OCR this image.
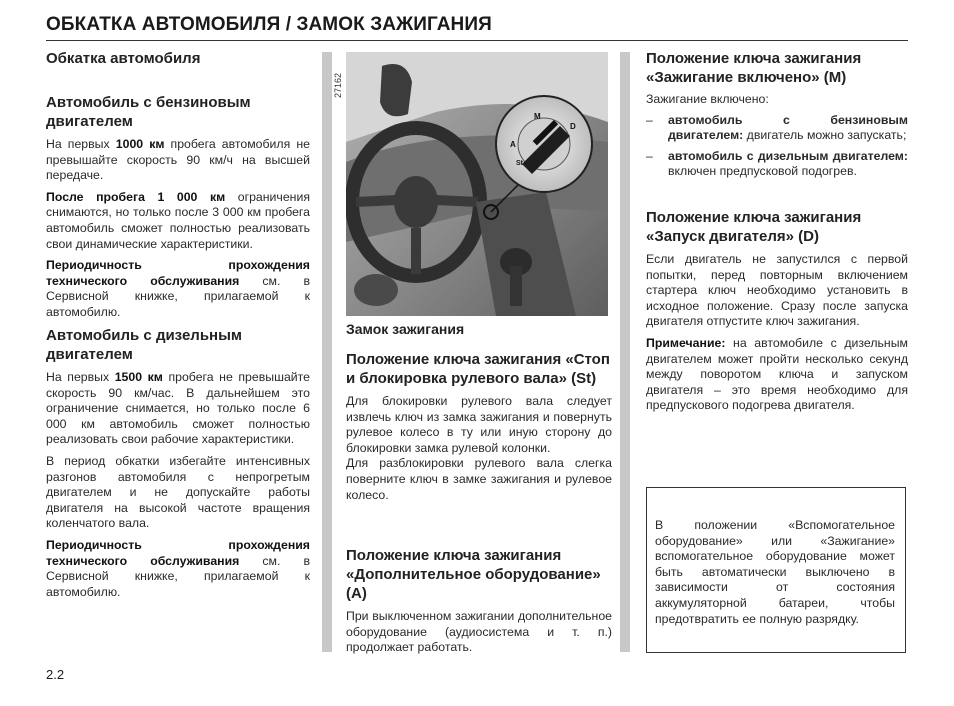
ОБКАТКА АВТОМОБИЛЯ / ЗАМОК ЗАЖИГАНИЯ
Обкатка автомобиля
Автомобиль с бензиновым двигателем

На первых 1000 км пробега автомобиля не превышайте скорость 90 км/ч на высшей передаче.

После пробега 1 000 км ограничения снимаются, но только после 3 000 км пробега автомобиль сможет полностью реализовать свои динамические характеристики.

Периодичность прохождения технического обслуживания см. в Сервисной книжке, прилагаемой к автомобилю.

Автомобиль с дизельным двигателем

На первых 1500 км пробега не превышайте скорость 90 км/час. В дальнейшем это ограничение снимается, но только после 6 000 км автомобиль сможет полностью реализовать свои рабочие характеристики.

В период обкатки избегайте интенсивных разгонов автомобиля с непрогретым двигателем и не допускайте работы двигателя на высокой частоте вращения коленчатого вала.

Периодичность прохождения технического обслуживания см. в Сервисной книжке, прилагаемой к автомобилю.

M
A
St
D
27162
Замок зажигания
Положение ключа зажигания «Стоп и блокировка рулевого вала» (St)

Для блокировки рулевого вала следует извлечь ключ из замка зажигания и повернуть рулевое колесо в ту или иную сторону до блокировки замка рулевой колонки.

Для разблокировки рулевого вала слегка поверните ключ в замке зажигания и рулевое колесо.

Положение ключа зажигания «Дополнительное оборудование» (A)

При выключенном зажигании дополнительное оборудование (аудиосистема и т. п.) продолжает работать.

Положение ключа зажигания «Зажигание включено» (M)

Зажигание включено:

– автомобиль с бензиновым двигателем: двигатель можно запускать;
– автомобиль с дизельным двигателем: включен предпусковой подогрев.
Положение ключа зажигания «Запуск двигателя» (D)

Если двигатель не запустился с первой попытки, перед повторным включением стартера ключ необходимо установить в исходное положение. Сразу после запуска двигателя отпустите ключ зажигания.

Примечание: на автомобиле с дизельным двигателем может пройти несколько секунд между поворотом ключа и запуском двигателя – это время необходимо для предпускового подогрева двигателя.

В положении «Вспомогательное оборудование» или «Зажигание» вспомогательное оборудование может быть автоматически выключено в зависимости от состояния аккумуляторной батареи, чтобы предотвратить ее полную разрядку.

2.2
